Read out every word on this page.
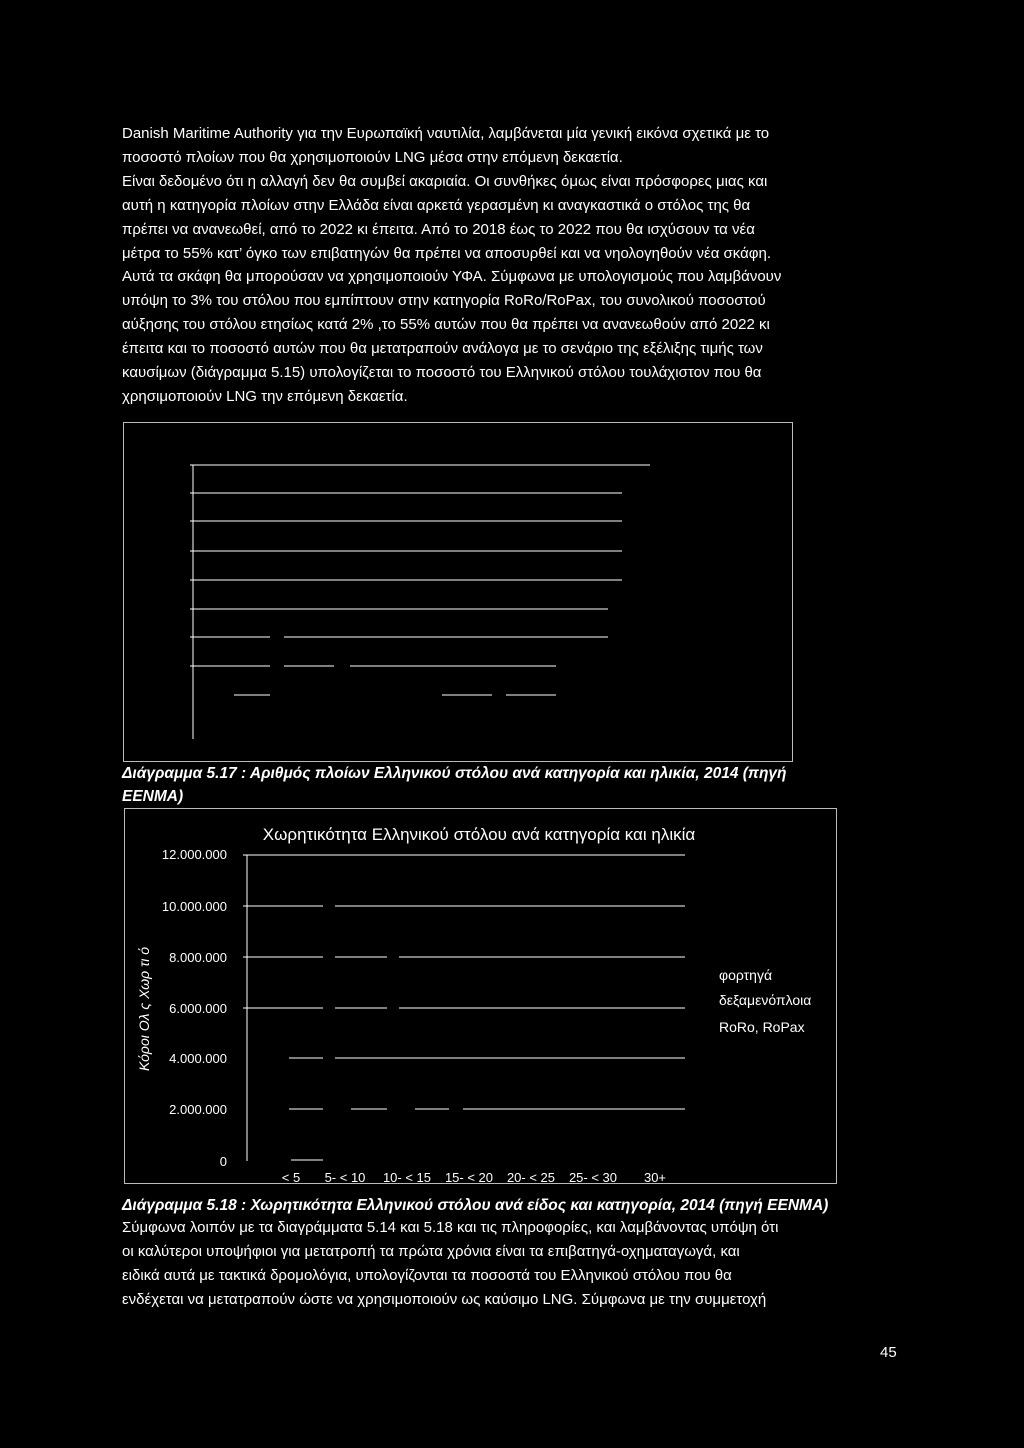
Danish Maritime Authority για την Ευρωπαϊκή ναυτιλία, λαμβάνεται μία γενική εικόνα σχετικά με το
ποσοστό πλοίων που θα χρησιμοποιούν LNG μέσα στην επόμενη δεκαετία.
Είναι δεδομένο ότι η αλλαγή δεν θα συμβεί ακαριαία. Οι συνθήκες όμως είναι πρόσφορες μιας και
αυτή η κατηγορία πλοίων στην Ελλάδα είναι αρκετά γερασμένη κι αναγκαστικά ο στόλος της θα
πρέπει να ανανεωθεί, από το 2022 κι έπειτα. Από το 2018 έως το 2022 που θα ισχύσουν τα νέα
μέτρα το 55% κατ’ όγκο των επιβατηγών θα πρέπει να αποσυρθεί και να νηολογηθούν νέα σκάφη.
Αυτά τα σκάφη θα μπορούσαν να χρησιμοποιούν ΥΦΑ. Σύμφωνα με υπολογισμούς που λαμβάνουν
υπόψη το 3% του στόλου που εμπίπτουν στην κατηγορία RoRo/RoPax, του συνολικού ποσοστού
αύξησης του στόλου ετησίως κατά 2% ,το 55% αυτών που θα πρέπει να ανανεωθούν από 2022 κι
έπειτα και το ποσοστό αυτών που θα μετατραπούν ανάλογα με το σενάριο της εξέλιξης τιμής των
καυσίμων (διάγραμμα 5.15) υπολογίζεται το ποσοστό του Ελληνικού στόλου τουλάχιστον που θα
χρησιμοποιούν LNG την επόμενη δεκαετία.
Διάγραμμα 5.17 : Αριθμός πλοίων Ελληνικού στόλου ανά κατηγορία και ηλικία, 2014 (πηγή
ΕΕΝΜΑ)
Χωρητικότητα Ελληνικού στόλου ανά κατηγορία και ηλικία
Κόροι Ολ ς Χωρ τι ό
12.000.000
10.000.000
8.000.000
6.000.000
4.000.000
2.000.000
0
< 5 5- < 10 10- < 15 15- < 20 20- < 25 25- < 30 30+
φορτηγά
δεξαμενόπλοια
RoRo, RoPax
Διάγραμμα 5.18 : Χωρητικότητα Ελληνικού στόλου ανά είδος και κατηγορία, 2014 (πηγή ΕΕΝΜΑ)
Σύμφωνα λοιπόν με τα διαγράμματα 5.14 και 5.18 και τις πληροφορίες, και λαμβάνοντας υπόψη ότι
οι καλύτεροι υποψήφιοι για μετατροπή τα πρώτα χρόνια είναι τα επιβατηγά-οχηματαγωγά, και
ειδικά αυτά με τακτικά δρομολόγια, υπολογίζονται τα ποσοστά του Ελληνικού στόλου που θα
ενδέχεται να μετατραπούν ώστε να χρησιμοποιούν ως καύσιμο LNG. Σύμφωνα με την συμμετοχή
45
